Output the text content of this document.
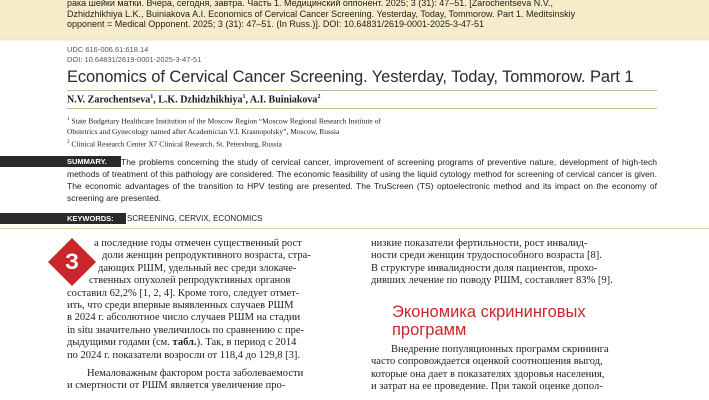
рака шейки матки. Вчера, сегодня, завтра. Часть 1. Медицинский оппонент. 2025; 3 (31): 47–51. [Zarochentseva N.V.,
Dzhidzhikhiya L.K., Buiniakova A.I. Economics of Cervical Cancer Screening. Yesterday, Today, Tommorow. Part 1. Meditsinskiy
opponent = Medical Opponent. 2025; 3 (31): 47–51. (In Russ.)]. DOI: 10.64831/2619-0001-2025-3-47-51
UDC 616-006.61:618.14
DOI: 10.64831/2619-0001-2025-3-47-51
Economics of Cervical Cancer Screening. Yesterday, Today, Tommorow. Part 1
N.V. Zarochentseva$^1$, L.K. Dzhidzhikhiya$^1$, A.I. Buiniakova$^2$
$^1$ State Budgetary Healthcare Institution of the Moscow Region “Moscow Regional Research Institute of
Obstetrics and Gynecology named after Academician V.I. Krasnopolsky”, Moscow, Russia
$^2$ Clinical Research Center X7 Clinical Research, St. Petersburg, Russia
SUMMARY.	The problems concerning the study of cervical cancer, improvement of screening programs of preventive nature, development of high-tech methods of treatment of this pathology are considered. The economic feasibility of using the liquid cytology method for screening of cervical cancer is given. The economic advantages of the transition to HPV testing are presented. The TruScreen (TS) optoelectronic method and its impact on the economy of screening are presented.
KEYWORDS:	SCREENING, CERVIX, ECONOMICS
З

а последние годы отмечен существенный рост

доли женщин репродуктивного возраста, стра-

дающих РШМ, удельный вес среди злокаче-

ственных опухолей репродуктивных органов

составил 62,2% [1, 2, 4]. Кроме того, следует отмет-

ить, что среди впервые выявленных случаев РШМ

в 2024 г. абсолютное число случаев РШМ на стадии

in situ значительно увеличилось по сравнению с пре-

дыдущими годами (см. табл.). Так, в период с 2014

по 2024 г. показатели возросли от 118,4 до 129,8 [3].

Немаловажным фактором роста заболеваемости

и смертности от РШМ является увеличение про-

низкие показатели фертильности, рост инвалид-

ности среди женщин трудоспособного возраста [8].

В структуре инвалидности доля пациентов, прохо-

дивших лечение по поводу РШМ, составляет 83% [9].

Экономика скрининговых программ

Внедрение популяционных программ скрининга

часто сопровождается оценкой соотношения выгод,

которые она дает в показателях здоровья населения,

и затрат на ее проведение. При такой оценке допол-
